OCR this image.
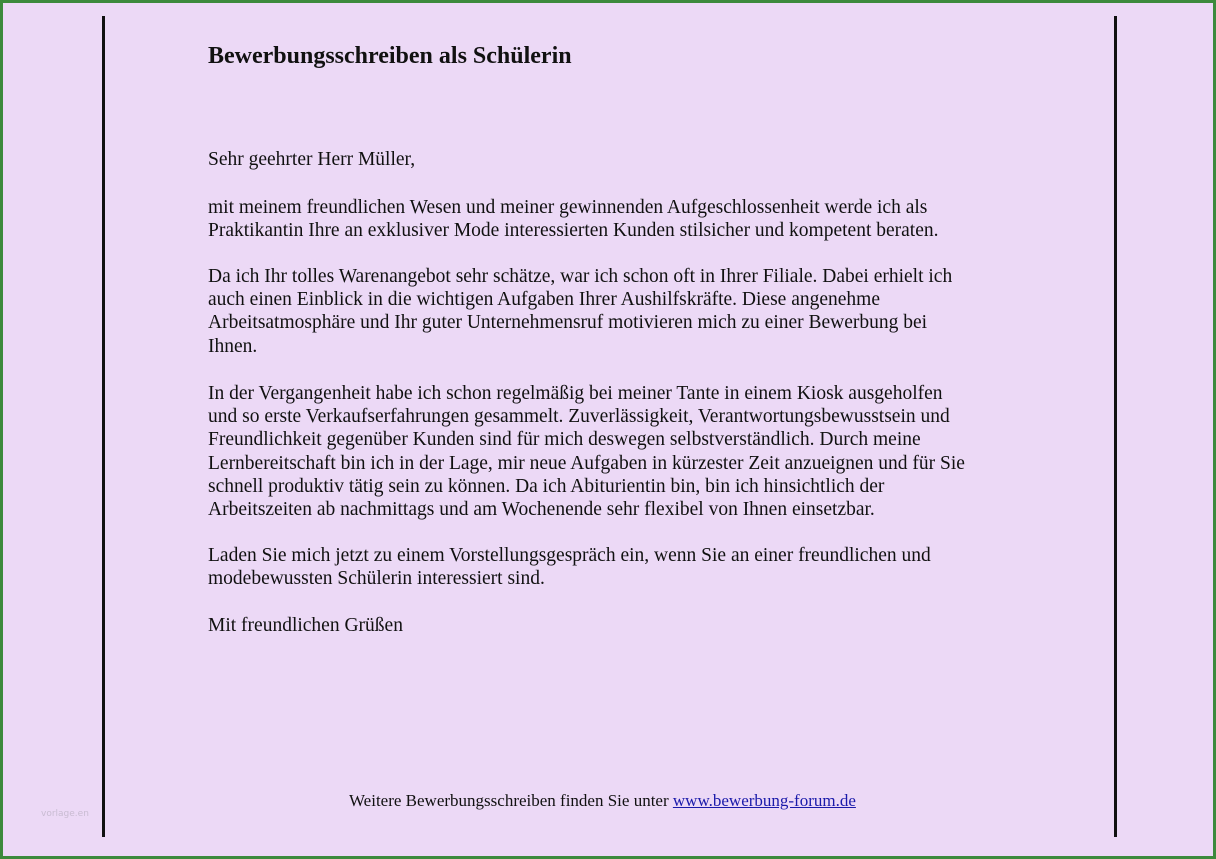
Bewerbungsschreiben als Schülerin

Sehr geehrter Herr Müller,

mit meinem freundlichen Wesen und meiner gewinnenden Aufgeschlossenheit werde ich als
Praktikantin Ihre an exklusiver Mode interessierten Kunden stilsicher und kompetent beraten.

Da ich Ihr tolles Warenangebot sehr schätze, war ich schon oft in Ihrer Filiale. Dabei erhielt ich
auch einen Einblick in die wichtigen Aufgaben Ihrer Aushilfskräfte. Diese angenehme
Arbeitsatmosphäre und Ihr guter Unternehmensruf motivieren mich zu einer Bewerbung bei
Ihnen.

In der Vergangenheit habe ich schon regelmäßig bei meiner Tante in einem Kiosk ausgeholfen
und so erste Verkaufserfahrungen gesammelt. Zuverlässigkeit, Verantwortungsbewusstsein und
Freundlichkeit gegenüber Kunden sind für mich deswegen selbstverständlich. Durch meine
Lernbereitschaft bin ich in der Lage, mir neue Aufgaben in kürzester Zeit anzueignen und für Sie
schnell produktiv tätig sein zu können. Da ich Abiturientin bin, bin ich hinsichtlich der
Arbeitszeiten ab nachmittags und am Wochenende sehr flexibel von Ihnen einsetzbar.

Laden Sie mich jetzt zu einem Vorstellungsgespräch ein, wenn Sie an einer freundlichen und
modebewussten Schülerin interessiert sind.

Mit freundlichen Grüßen

Weitere Bewerbungsschreiben finden Sie unter www.bewerbung-forum.de
vorlage.en
